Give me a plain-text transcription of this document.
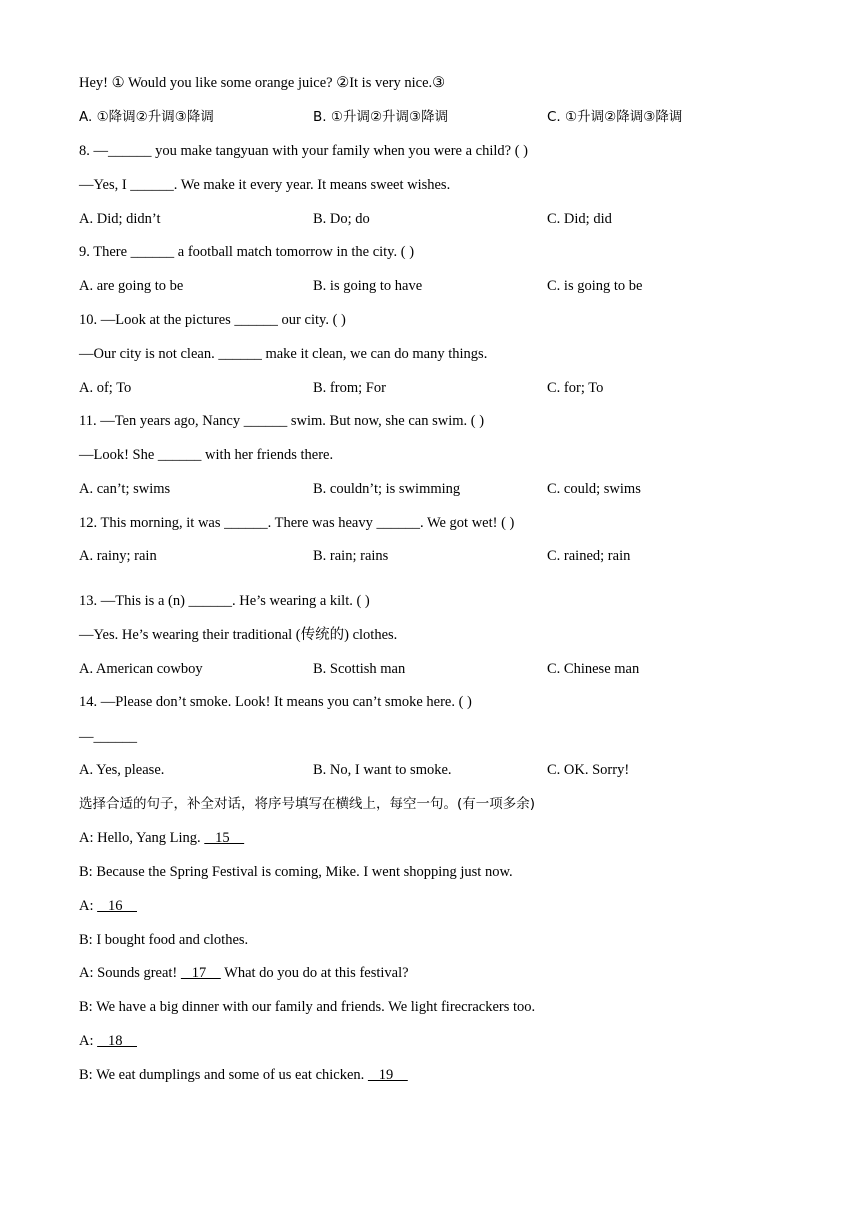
Hey! ① Would you like some orange juice? ②It is very nice.③
A. ①降调②升调③降调	B. ①升调②升调③降调	C. ①升调②降调③降调
8. —______ you make tangyuan with your family when you were a child? ( )
—Yes, I ______. We make it every year. It means sweet wishes.
A. Did; didn’t	B. Do; do	C. Did; did
9. There ______ a football match tomorrow in the city. ( )
A. are going to be	B. is going to have	C. is going to be
10. —Look at the pictures ______ our city. ( )
—Our city is not clean. ______ make it clean, we can do many things.
A. of; To	B. from; For	C. for; To
11. —Ten years ago, Nancy ______ swim. But now, she can swim. ( )
—Look! She ______ with her friends there.
A. can’t; swims	B. couldn’t; is swimming	C. could; swims
12. This morning, it was ______. There was heavy ______. We got wet! ( )
A. rainy; rain	B. rain; rains	C. rained; rain
13. —This is a (n) ______. He’s wearing a kilt. ( )
—Yes. He’s wearing their traditional (传统的) clothes.
A. American cowboy	B. Scottish man	C. Chinese man
14. —Please don’t smoke. Look! It means you can’t smoke here. ( )
—______
A. Yes, please.	B. No, I want to smoke.	C. OK. Sorry!
选择合适的句子，补全对话，将序号填写在横线上，每空一句。(有一项多余)
A: Hello, Yang Ling.    15
B: Because the Spring Festival is coming, Mike. I went shopping just now.
A:    16
B: I bought food and clothes.
A: Sounds great!    17     What do you do at this festival?
B: We have a big dinner with our family and friends. We light firecrackers too.
A:    18
B: We eat dumplings and some of us eat chicken.    19
